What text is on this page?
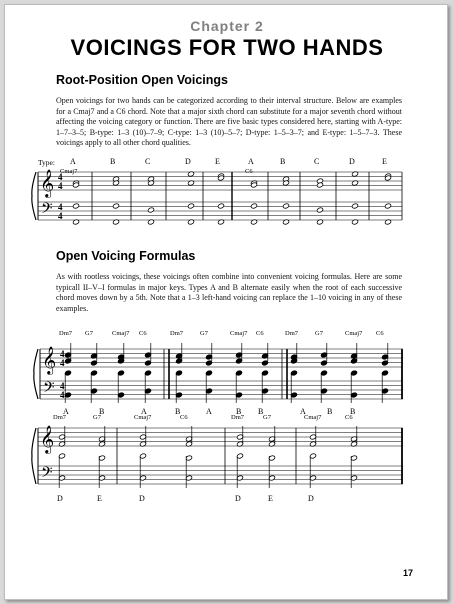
Chapter 2
VOICINGS FOR TWO HANDS
Root-Position Open Voicings
Open voicings for two hands can be categorized according to their interval structure. Below are examples for a Cmaj7 and a C6 chord. Note that a major sixth chord can substitute for a major seventh chord without affecting the voicing category or function. There are five basic types considered here, starting with A-type: 1–7–3–5; B-type: 1–3 (10)–7–9; C-type: 1–3 (10)–5–7; D-type: 1–5–3–7; and E-type: 1–5–7–3. These voicings apply to all other chord qualities.
Type:
Open Voicing Formulas
As with rootless voicings, these voicings often combine into convenient voicing formulas. Here are some typicall II–V–I formulas in major keys. Types A and B alternate easily when the root of each successive chord moves down by a 5th. Note that a 1–3 left-hand voicing can replace the 1–10 voicing in any of these examples.
17
𝄞
𝄢
4
4
4
4
A	B	C	D	E	A	B	C	D	E
Cmaj7	C6
𝄞
𝄢
4
4
4
4
Dm7 G7	Cmaj7 C6	Dm7	G7	Cmaj7 C6	Dm7	G7	Cmaj7 C6
A	B	A	B	A	B B	A	B B
𝄞
𝄢
Dm7	G7	Cmaj7	C6	Dm7	G7	Cmaj7	C6
D	E	D	D	E	D
